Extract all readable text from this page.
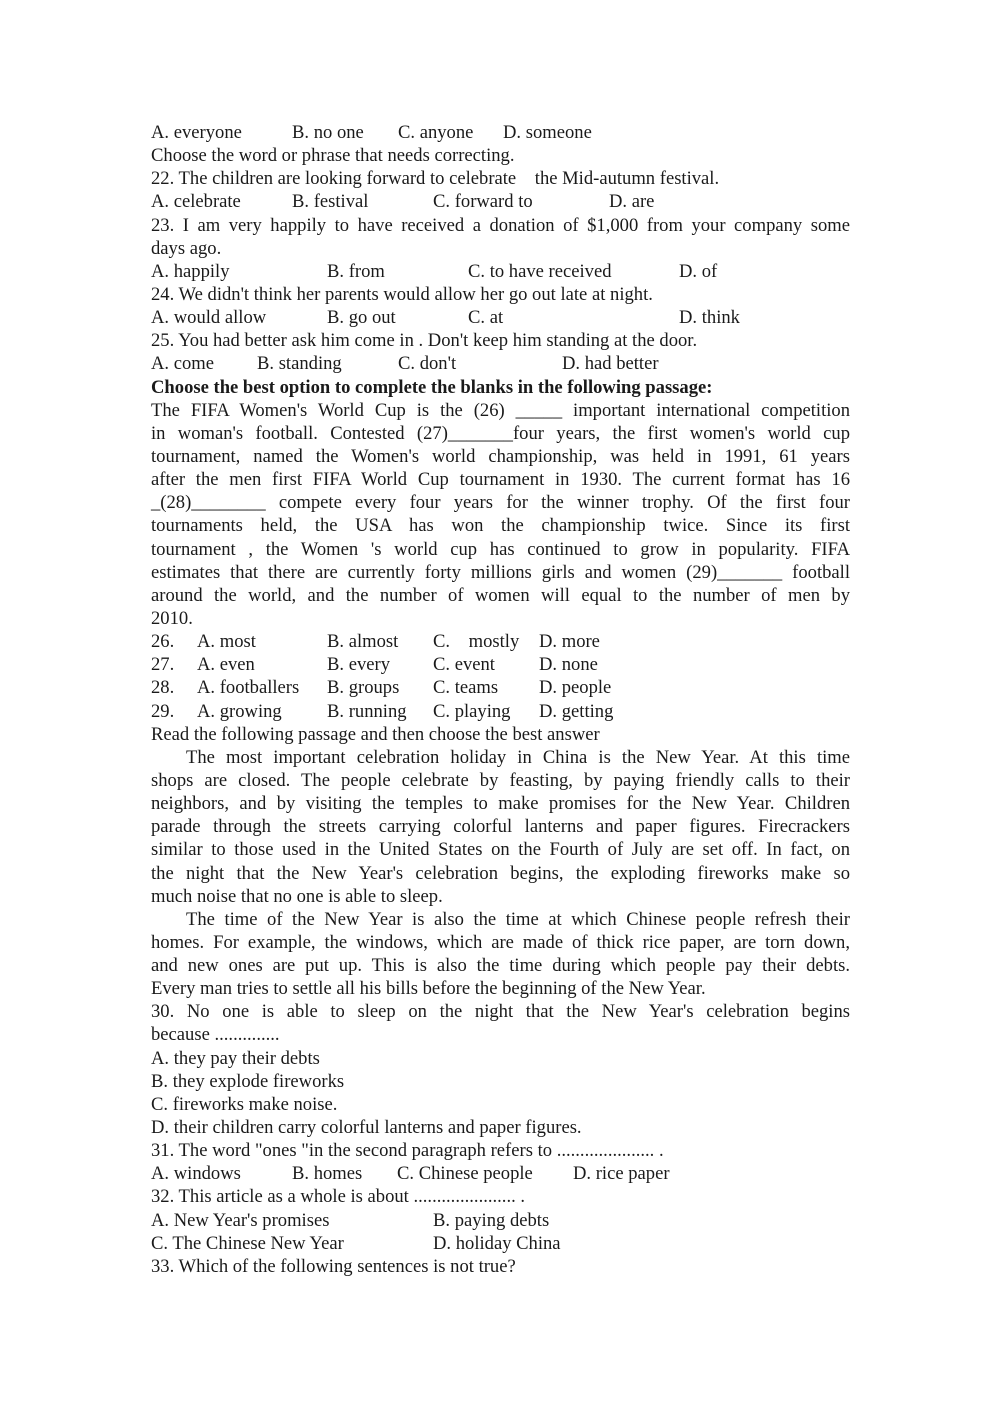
A. everyone	B. no one	C. anyone	D. someone
Choose the word or phrase that needs correcting.
22. The children are looking forward to celebrate    the Mid-autumn festival.
A. celebrate	B. festival	C. forward to	D. are
23. I am very happily to have received a donation of $1,000 from your company some
days ago.
A. happily	B. from	C. to have received	D. of
24. We didn't think her parents would allow her go out late at night.
A. would allow	B. go out	C. at	D. think
25. You had better ask him come in . Don't keep him standing at the door.
A. come	B. standing	C. don't	D. had better
Choose the best option to complete the blanks in the following passage:
The FIFA Women's World Cup is the (26) _____ important international competition
in woman's football. Contested (27)_______four years, the first women's world cup
tournament, named the Women's world championship, was held in 1991, 61 years
after the men first FIFA World Cup tournament in 1930. The current format has 16
_(28)________ compete every four years for the winner trophy. Of the first four
tournaments held, the USA has won the championship twice. Since its first
tournament , the Women 's world cup has continued to grow in popularity. FIFA
estimates that there are currently forty millions girls and women (29)_______ football
around the world, and the number of women will equal to the number of men by
2010.
26.	A. most	B. almost	C.    mostly	D. more
27.	A. even	B. every	C. event	D. none
28.	A. footballers	B. groups	C. teams	D. people
29.	A. growing	B. running	C. playing	D. getting
Read the following passage and then choose the best answer
The most important celebration holiday in China is the New Year. At this time
shops are closed. The people celebrate by feasting, by paying friendly calls to their
neighbors, and by visiting the temples to make promises for the New Year. Children
parade through the streets carrying colorful lanterns and paper figures. Firecrackers
similar to those used in the United States on the Fourth of July are set off. In fact, on
the night that the New Year's celebration begins, the exploding fireworks make so
much noise that no one is able to sleep.
The time of the New Year is also the time at which Chinese people refresh their
homes. For example, the windows, which are made of thick rice paper, are torn down,
and new ones are put up. This is also the time during which people pay their debts.
Every man tries to settle all his bills before the beginning of the New Year.
30. No one is able to sleep on the night that the New Year's celebration begins
because ..............
A. they pay their debts
B. they explode fireworks
C. fireworks make noise.
D. their children carry colorful lanterns and paper figures.
31. The word "ones "in the second paragraph refers to ..................... .
A. windows	B. homes	C. Chinese people	D. rice paper
32. This article as a whole is about ...................... .
A. New Year's promises	B. paying debts
C. The Chinese New Year	D. holiday China
33. Which of the following sentences is not true?
